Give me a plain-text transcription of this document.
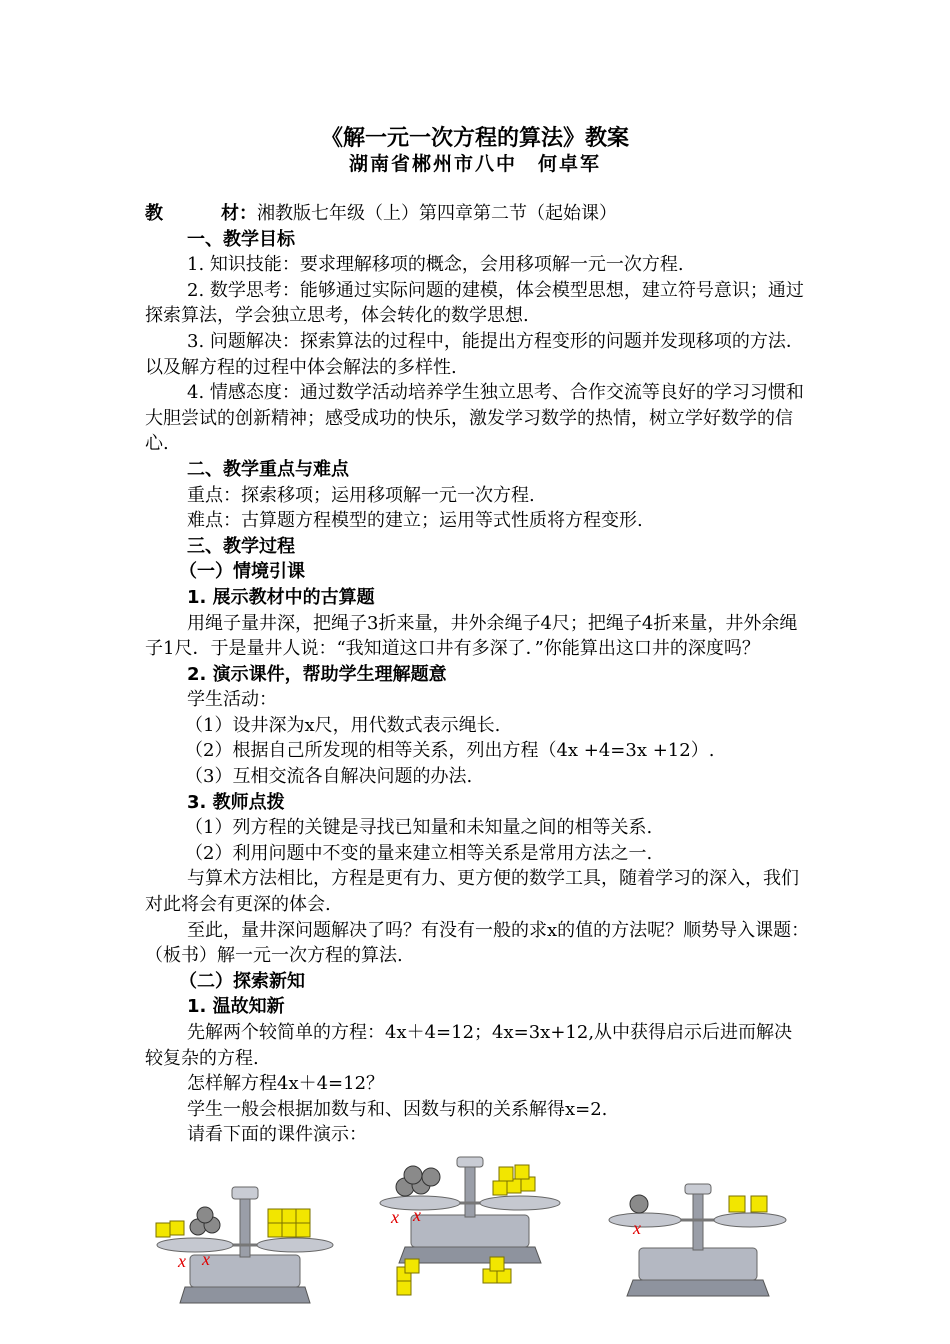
《解一元一次方程的算法》教案
湖南省郴州市八中　何卓军

教	材：湘教版七年级（上）第四章第二节（起始课）

一、教学目标

1. 知识技能：要求理解移项的概念，会用移项解一元一次方程.

2. 数学思考：能够通过实际问题的建模，体会模型思想，建立符号意识；通过探索算法，学会独立思考，体会转化的数学思想.

3. 问题解决：探索算法的过程中，能提出方程变形的问题并发现移项的方法．以及解方程的过程中体会解法的多样性.

4. 情感态度：通过数学活动培养学生独立思考、合作交流等良好的学习习惯和大胆尝试的创新精神；感受成功的快乐，激发学习数学的热情，树立学好数学的信心.

二、教学重点与难点

重点：探索移项；运用移项解一元一次方程.

难点：古算题方程模型的建立；运用等式性质将方程变形.

三、教学过程

（一）情境引课

1. 展示教材中的古算题

用绳子量井深，把绳子3折来量，井外余绳子4尺；把绳子4折来量，井外余绳子1尺．于是量井人说：“我知道这口井有多深了．”你能算出这口井的深度吗？

2. 演示课件，帮助学生理解题意

学生活动：

（1）设井深为x尺，用代数式表示绳长.

（2）根据自己所发现的相等关系，列出方程（4x +4=3x +12）.

（3）互相交流各自解决问题的办法.

3. 教师点拨

（1）列方程的关键是寻找已知量和未知量之间的相等关系.

（2）利用问题中不变的量来建立相等关系是常用方法之一.

与算术方法相比，方程是更有力、更方便的数学工具，随着学习的深入，我们对此将会有更深的体会.

至此，量井深问题解决了吗？有没有一般的求x的值的方法呢？顺势导入课题：（板书）解一元一次方程的算法.

（二）探索新知

1. 温故知新

先解两个较简单的方程：4x＋4=12；4x=3x+12,从中获得启示后进而解决较复杂的方程.

怎样解方程4x＋4=12？

学生一般会根据加数与和、因数与积的关系解得x=2.

请看下面的课件演示：

x x
x x
x
